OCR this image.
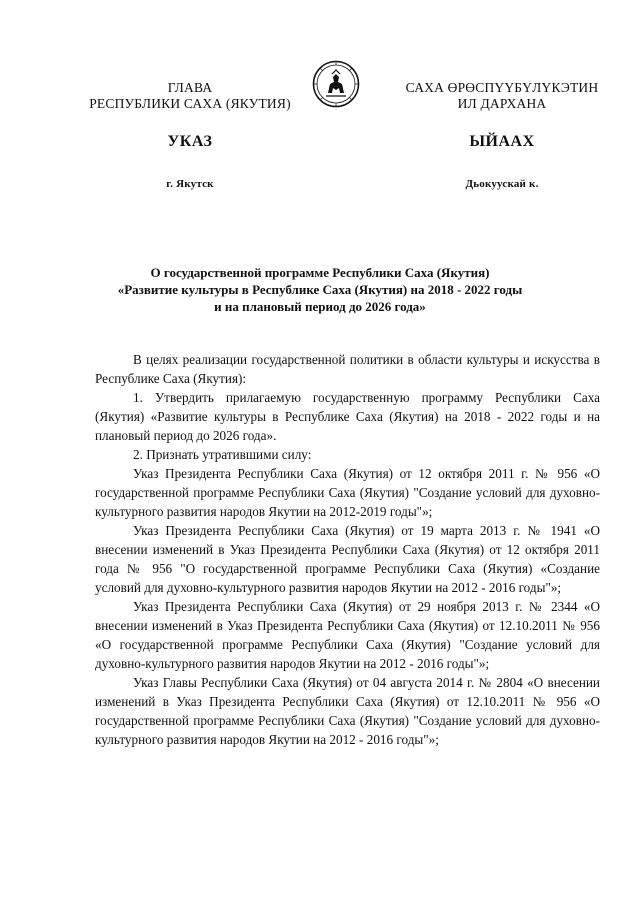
ГЛАВА
РЕСПУБЛИКИ САХА (ЯКУТИЯ)
УКАЗ
г. Якутск
САХА ӨРӨСПҮҮБҮЛҮКЭТИН
ИЛ ДАРХАНА
ЫЙААХ
Дьокуускай к.
О государственной программе Республики Саха (Якутия)
«Развитие культуры в Республике Саха (Якутия) на 2018 - 2022 годы
и на плановый период до 2026 года»

В целях реализации государственной политики в области культуры и искусства в Республике Саха (Якутия):

1. Утвердить прилагаемую государственную программу Республики Саха (Якутия) «Развитие культуры в Республике Саха (Якутия) на 2018 - 2022 годы и на плановый период до 2026 года».

2. Признать утратившими силу:

Указ Президента Республики Саха (Якутия) от 12 октября 2011 г. № 956 «О государственной программе Республики Саха (Якутия) "Создание условий для духовно-культурного развития народов Якутии на 2012-2019 годы"»;

Указ Президента Республики Саха (Якутия) от 19 марта 2013 г. № 1941 «О внесении изменений в Указ Президента Республики Саха (Якутия) от 12 октября 2011 года № 956 "О государственной программе Республики Саха (Якутия) «Создание условий для духовно-культурного развития народов Якутии на 2012 - 2016 годы"»;

Указ Президента Республики Саха (Якутия) от 29 ноября 2013 г. № 2344 «О внесении изменений в Указ Президента Республики Саха (Якутия) от 12.10.2011 № 956 «О государственной программе Республики Саха (Якутия) "Создание условий для духовно-культурного развития народов Якутии на 2012 - 2016 годы"»;

Указ Главы Республики Саха (Якутия) от 04 августа 2014 г. № 2804 «О внесении изменений в Указ Президента Республики Саха (Якутия) от 12.10.2011 № 956 «О государственной программе Республики Саха (Якутия) "Создание условий для духовно-культурного развития народов Якутии на 2012 - 2016 годы"»;
